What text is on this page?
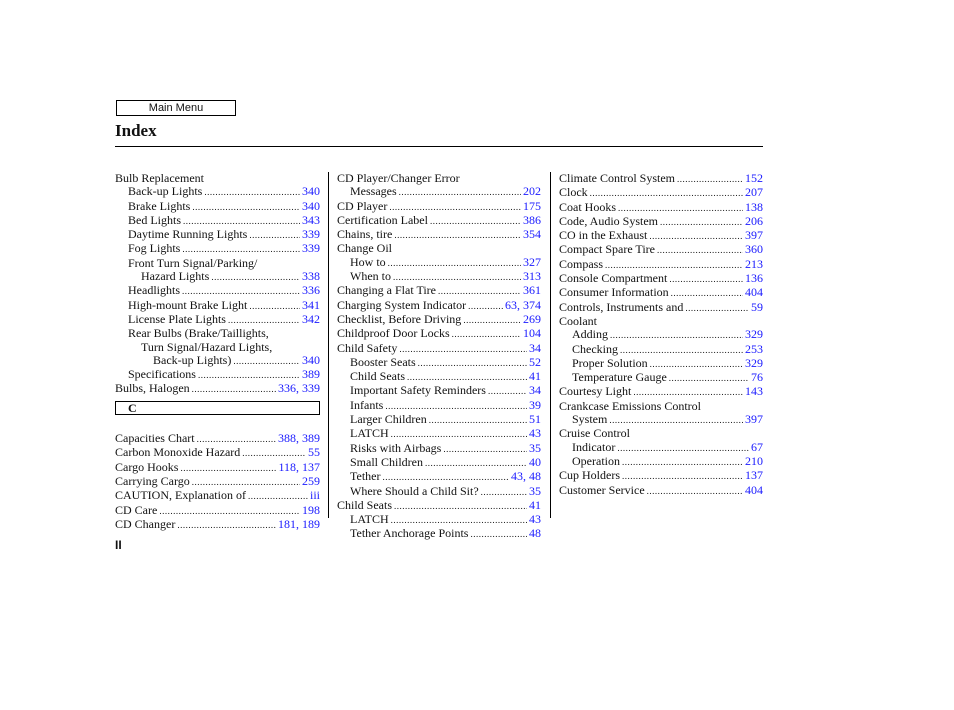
Main Menu
Index
Bulb Replacement
Back-up Lights .....	340
Brake Lights .....	340
Bed Lights .....	343
Daytime Running Lights .....	339
Fog Lights .....	339
Front Turn Signal/Parking/
Hazard Lights .....	338
Headlights .....	336
High-mount Brake Light .....	341
License Plate Lights .....	342
Rear Bulbs (Brake/Taillights,
Turn Signal/Hazard Lights,
Back-up Lights) .....	340
Specifications .....	389
Bulbs, Halogen .....	336, 339
C
Capacities Chart .....	388, 389
Carbon Monoxide Hazard .....	55
Cargo Hooks .....	118, 137
Carrying Cargo .....	259
CAUTION, Explanation of .....	iii
CD Care .....	198
CD Changer .....	181, 189
CD Player/Changer Error
Messages .....	202
CD Player .....	175
Certification Label .....	386
Chains, tire .....	354
Change Oil
How to .....	327
When to .....	313
Changing a Flat Tire .....	361
Charging System Indicator .....	63, 374
Checklist, Before Driving .....	269
Childproof Door Locks .....	104
Child Safety .....	34
Booster Seats .....	52
Child Seats .....	41
Important Safety Reminders .....	34
Infants .....	39
Larger Children .....	51
LATCH .....	43
Risks with Airbags .....	35
Small Children .....	40
Tether .....	43, 48
Where Should a Child Sit? .....	35
Child Seats .....	41
LATCH .....	43
Tether Anchorage Points .....	48
Climate Control System .....	152
Clock .....	207
Coat Hooks .....	138
Code, Audio System .....	206
CO in the Exhaust .....	397
Compact Spare Tire .....	360
Compass .....	213
Console Compartment .....	136
Consumer Information .....	404
Controls, Instruments and .....	59
Coolant
Adding .....	329
Checking .....	253
Proper Solution .....	329
Temperature Gauge .....	76
Courtesy Light .....	143
Crankcase Emissions Control
System .....	397
Cruise Control
Indicator .....	67
Operation .....	210
Cup Holders .....	137
Customer Service .....	404
II
